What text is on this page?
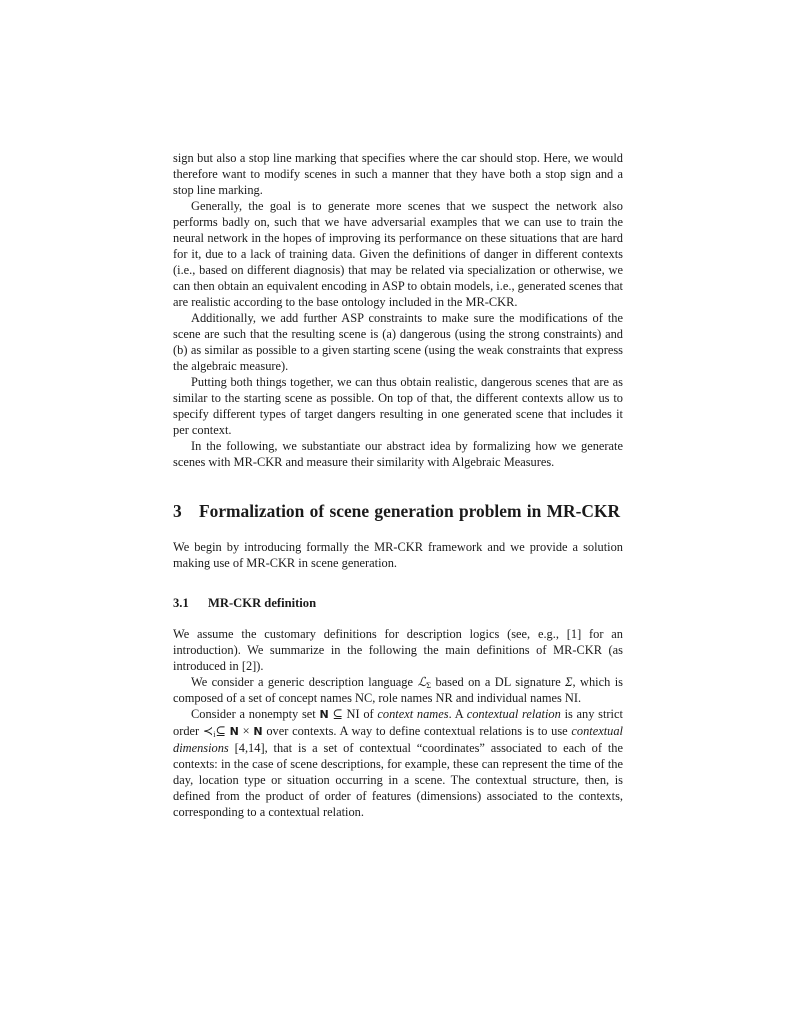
sign but also a stop line marking that specifies where the car should stop. Here, we would therefore want to modify scenes in such a manner that they have both a stop sign and a stop line marking.

Generally, the goal is to generate more scenes that we suspect the network also performs badly on, such that we have adversarial examples that we can use to train the neural network in the hopes of improving its performance on these situations that are hard for it, due to a lack of training data. Given the definitions of danger in different contexts (i.e., based on different diagnosis) that may be related via specialization or otherwise, we can then obtain an equivalent encoding in ASP to obtain models, i.e., generated scenes that are realistic according to the base ontology included in the MR-CKR.

Additionally, we add further ASP constraints to make sure the modifications of the scene are such that the resulting scene is (a) dangerous (using the strong constraints) and (b) as similar as possible to a given starting scene (using the weak constraints that express the algebraic measure).

Putting both things together, we can thus obtain realistic, dangerous scenes that are as similar to the starting scene as possible. On top of that, the different contexts allow us to specify different types of target dangers resulting in one generated scene that includes it per context.

In the following, we substantiate our abstract idea by formalizing how we generate scenes with MR-CKR and measure their similarity with Algebraic Measures.

3 Formalization of scene generation problem in MR-CKR

We begin by introducing formally the MR-CKR framework and we provide a solution making use of MR-CKR in scene generation.

3.1 MR-CKR definition

We assume the customary definitions for description logics (see, e.g., [1] for an introduction). We summarize in the following the main definitions of MR-CKR (as introduced in [2]).

We consider a generic description language ℒ$_\Sigma$ based on a DL signature Σ, which is composed of a set of concept names NC, role names NR and individual names NI.

Consider a nonempty set N ⊆ NI of context names. A contextual relation is any strict order $≺_i⊆$ N × N over contexts. A way to define contextual relations is to use contextual dimensions [4,14], that is a set of contextual “coordinates” associated to each of the contexts: in the case of scene descriptions, for example, these can represent the time of the day, location type or situation occurring in a scene. The contextual structure, then, is defined from the product of order of features (dimensions) associated to the contexts, corresponding to a contextual relation.
